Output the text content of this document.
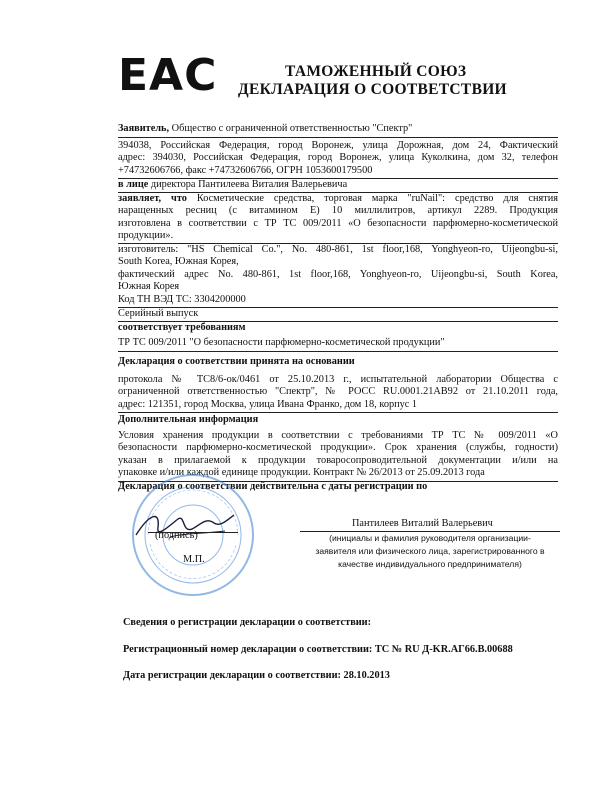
EAC	ТАМОЖЕННЫЙ СОЮЗ
ДЕКЛАРАЦИЯ О СООТВЕТСТВИИ
Заявитель, Общество с ограниченной ответственностью "Спектр"
394038, Российская Федерация, город Воронеж, улица Дорожная, дом 24, Фактический
адрес: 394030, Российская Федерация, город Воронеж, улица Куколкина, дом 32, телефон
+74732606766, факс +74732606766, ОГРН 1053600179500
в лице директора Пантилеева Виталия Валерьевича
заявляет, что Косметические средства, торговая марка "ruNail": средство для снятия
наращенных ресниц (с витамином Е) 10 миллилитров, артикул 2289. Продукция
изготовлена в соответствии с ТР ТС 009/2011 «О безопасности парфюмерно-косметической
продукции».
изготовитель: "HS Chemical Co.", No. 480-861, 1st floor,168, Yonghyeon-ro, Uijeongbu-si,
South Korea, Южная Корея,
фактический адрес No. 480-861, 1st floor,168, Yonghyeon-ro, Uijeongbu-si, South Korea,
Южная Корея
Код ТН ВЭД ТС: 3304200000
Серийный выпуск
соответствует требованиям
ТР ТС 009/2011 "О безопасности парфюмерно-косметической продукции"
Декларация о соответствии принята на основании
протокола № ТС8/6-ок/0461 от 25.10.2013 г., испытательной лаборатории Общества с
ограниченной ответственностью "Спектр", № РОСС RU.0001.21АВ92 от 21.10.2011 года,
адрес: 121351, город Москва, улица Ивана Франко, дом 18, корпус 1
Дополнительная информация
Условия хранения продукции в соответствии с требованиями ТР ТС № 009/2011 «О
безопасности парфюмерно-косметической продукции». Срок хранения (службы, годности)
указан в прилагаемой к продукции товаросопроводительной документации и/или на
упаковке и/или каждой единице продукции. Контракт № 26/2013 от 25.09.2013 года
Декларация о соответствии действительна с даты регистрации по
(подпись)
М.П.
Пантилеев Виталий Валерьевич
(инициалы и фамилия руководителя организации-
заявителя или физического лица, зарегистрированного в
качестве индивидуального предпринимателя)
Сведения о регистрации декларации о соответствии:
Регистрационный номер декларации о соответствии: ТС № RU Д-KR.АГ66.В.00688
Дата регистрации декларации о соответствии: 28.10.2013
